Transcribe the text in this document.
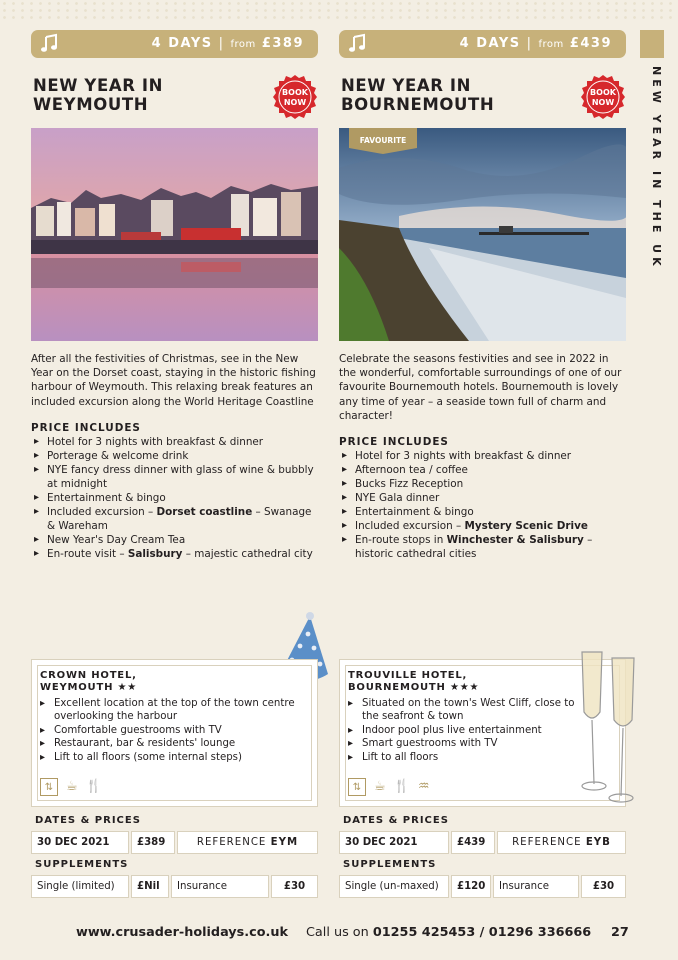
NEW YEAR IN THE UK
4 DAYS | from £389
NEW YEAR IN
WEYMOUTH
BOOK
NOW
After all the festivities of Christmas, see in the New Year on the Dorset coast, staying in the historic fishing harbour of Weymouth. This relaxing break features an included excursion along the World Heritage Coastline
PRICE INCLUDES
▸ Hotel for 3 nights with breakfast & dinner
▸ Porterage & welcome drink
▸ NYE fancy dress dinner with glass of wine & bubbly at midnight
▸ Entertainment & bingo
▸ Included excursion – Dorset coastline – Swanage & Wareham
▸ New Year's Day Cream Tea
▸ En-route visit – Salisbury – majestic cathedral city
CROWN HOTEL,
WEYMOUTH ★★
▸ Excellent location at the top of the town centre overlooking the harbour
▸ Comfortable guestrooms with TV
▸ Restaurant, bar & residents' lounge
▸ Lift to all floors (some internal steps)
⇅ ☕ 🍴
DATES & PRICES
30 DEC 2021	£389	REFERENCE EYM
SUPPLEMENTS
Single (limited)	£Nil	Insurance	£30
4 DAYS | from £439
NEW YEAR IN
BOURNEMOUTH
BOOK
NOW
FAVOURITE
Celebrate the seasons festivities and see in 2022 in the wonderful, comfortable surroundings of one of our favourite Bournemouth hotels. Bournemouth is lovely any time of year – a seaside town full of charm and character!
PRICE INCLUDES
▸ Hotel for 3 nights with breakfast & dinner
▸ Afternoon tea / coffee
▸ Bucks Fizz Reception
▸ NYE Gala dinner
▸ Entertainment & bingo
▸ Included excursion – Mystery Scenic Drive
▸ En-route stops in Winchester & Salisbury – historic cathedral cities
TROUVILLE HOTEL,
BOURNEMOUTH ★★★
▸ Situated on the town's West Cliff, close to the seafront & town
▸ Indoor pool plus live entertainment
▸ Smart guestrooms with TV
▸ Lift to all floors
⇅ ☕ 🍴 ♒
DATES & PRICES
30 DEC 2021	£439	REFERENCE EYB
SUPPLEMENTS
Single (un-maxed)	£120	Insurance	£30
www.crusader-holidays.co.uk Call us on 01255 425453 / 01296 336666 27
